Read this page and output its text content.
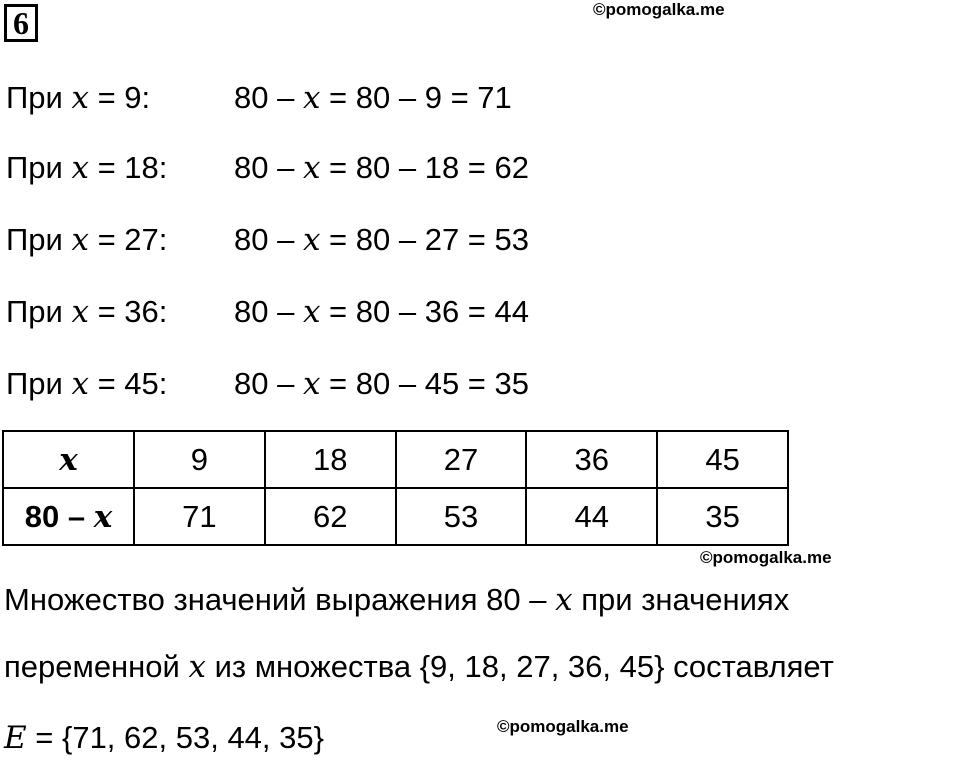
6	©pomogalka.me
При x = 9:	80 – x = 80 – 9 = 71
При x = 18: 80 – x = 80 – 18 = 62
При x = 27: 80 – x = 80 – 27 = 53
При x = 36: 80 – x = 80 – 36 = 44
При x = 45: 80 – x = 80 – 45 = 35
x	9	18	27	36	45
80 – x	71	62	53	44	35
©pomogalka.me
Множество значений выражения 80 – x при значениях
переменной x из множества {9, 18, 27, 36, 45} составляет
E = {71, 62, 53, 44, 35}	©pomogalka.me
